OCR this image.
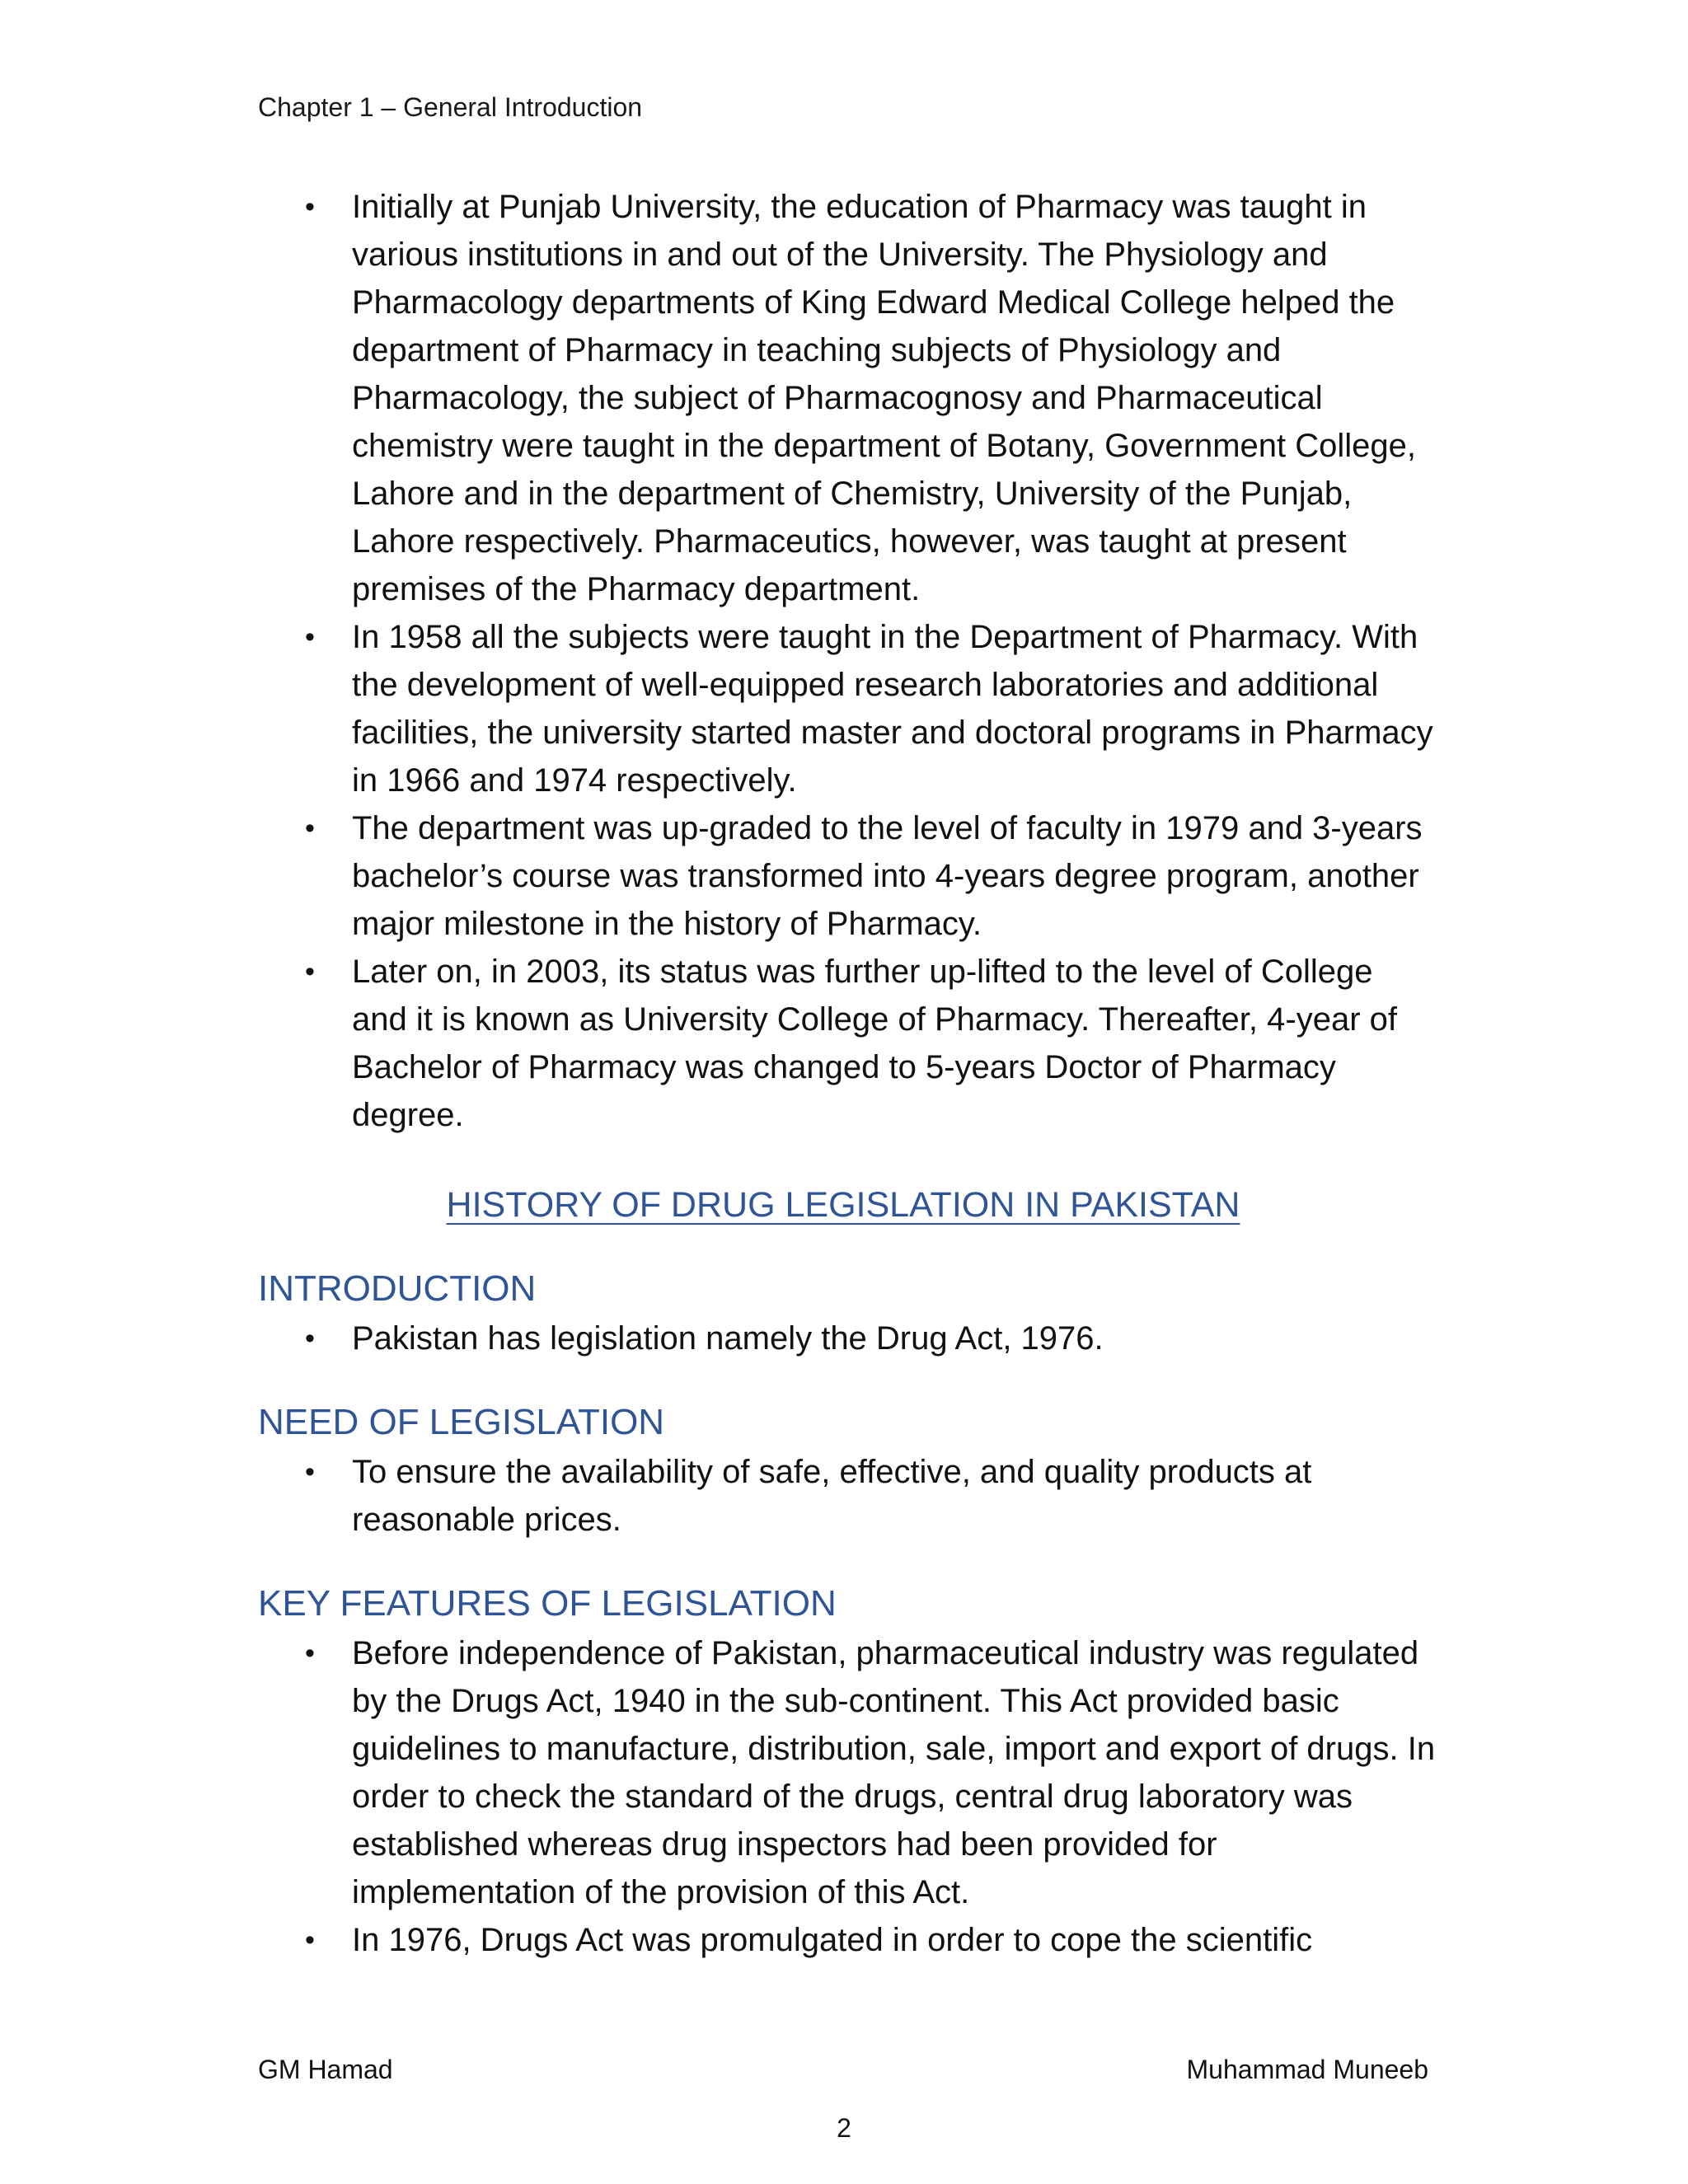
Chapter 1 – General Introduction
• Initially at Punjab University, the education of Pharmacy was taught in various institutions in and out of the University. The Physiology and Pharmacology departments of King Edward Medical College helped the department of Pharmacy in teaching subjects of Physiology and Pharmacology, the subject of Pharmacognosy and Pharmaceutical chemistry were taught in the department of Botany, Government College, Lahore and in the department of Chemistry, University of the Punjab, Lahore respectively. Pharmaceutics, however, was taught at present premises of the Pharmacy department.
• In 1958 all the subjects were taught in the Department of Pharmacy. With the development of well-equipped research laboratories and additional facilities, the university started master and doctoral programs in Pharmacy in 1966 and 1974 respectively.
• The department was up-graded to the level of faculty in 1979 and 3-years bachelor’s course was transformed into 4-years degree program, another major milestone in the history of Pharmacy.
• Later on, in 2003, its status was further up-lifted to the level of College and it is known as University College of Pharmacy. Thereafter, 4-year of Bachelor of Pharmacy was changed to 5-years Doctor of Pharmacy degree.
HISTORY OF DRUG LEGISLATION IN PAKISTAN
INTRODUCTION
• Pakistan has legislation namely the Drug Act, 1976.
NEED OF LEGISLATION
• To ensure the availability of safe, effective, and quality products at reasonable prices.
KEY FEATURES OF LEGISLATION
• Before independence of Pakistan, pharmaceutical industry was regulated by the Drugs Act, 1940 in the sub-continent. This Act provided basic guidelines to manufacture, distribution, sale, import and export of drugs. In order to check the standard of the drugs, central drug laboratory was established whereas drug inspectors had been provided for implementation of the provision of this Act.
• In 1976, Drugs Act was promulgated in order to cope the scientific
GM Hamad	Muhammad Muneeb
2
